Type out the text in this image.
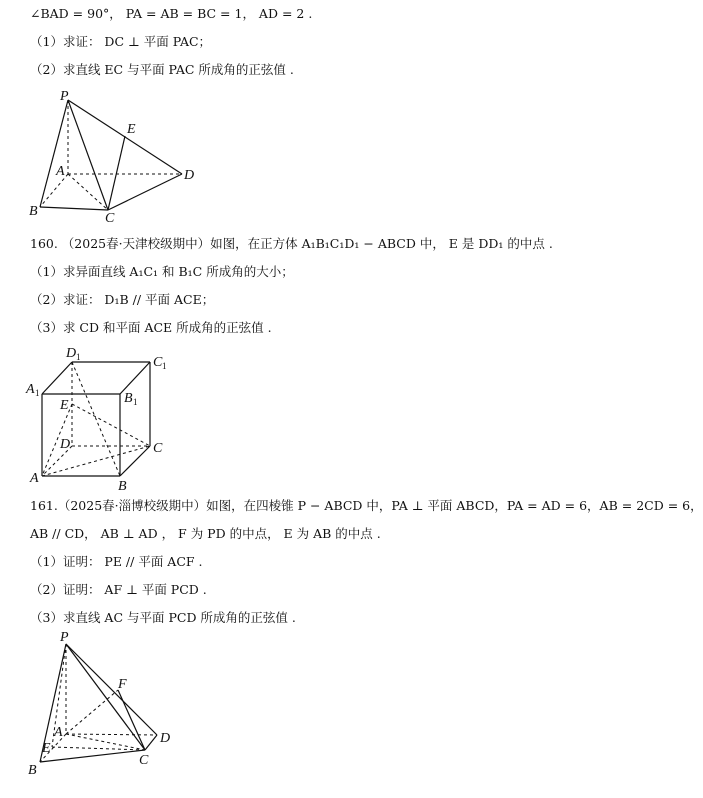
∠BAD = 90°， PA = AB = BC = 1， AD = 2 .
（1）求证： DC ⊥ 平面 PAC；
（2）求直线 EC 与平面 PAC 所成角的正弦值 .
P
E
A	D
B	C
160. （2025春·天津校级期中）如图，在正方体 A₁B₁C₁D₁ − ABCD 中， E 是 DD₁ 的中点 .
（1）求异面直线 A₁C₁ 和 B₁C 所成角的大小；
（2）求证： D₁B // 平面 ACE；
（3）求 CD 和平面 ACE 所成角的正弦值 .
D 1	C 1
A 1	B 1
E
D	C
A
B
161.（2025春·淄博校级期中）如图，在四棱锥 P − ABCD 中，PA ⊥ 平面 ABCD，PA = AD = 6，AB = 2CD = 6，
AB // CD， AB ⊥ AD ， F 为 PD 的中点， E 为 AB 的中点 .
（1）证明： PE // 平面 ACF .
（2）证明： AF ⊥ 平面 PCD .
（3）求直线 AC 与平面 PCD 所成角的正弦值 .
P
F
A	D
E
B
C
